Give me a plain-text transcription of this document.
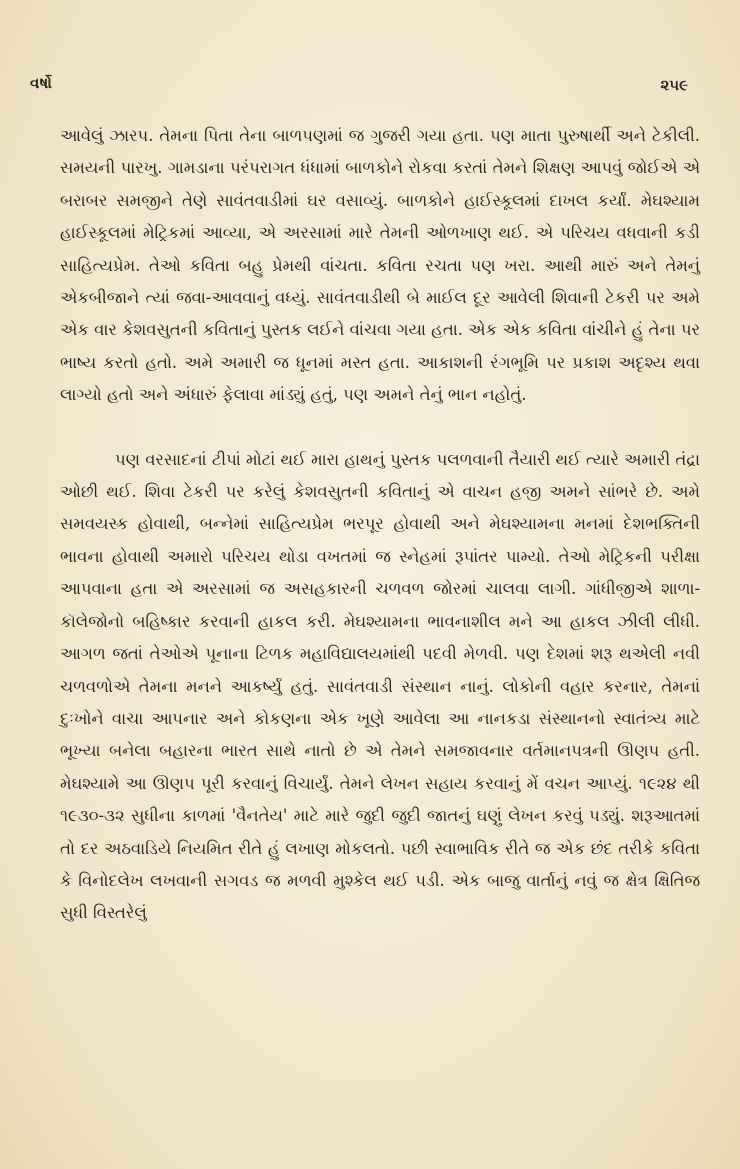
વર્ષો	૨૫૯

આવેલું ઝારપ. તેમના પિતા તેના બાળપણમાં જ ગુજરી ગયા હતા. પણ માતા પુરુષાર્થી અને ટેકીલી. સમયની પારખુ. ગામડાના પરંપરાગત ધંધામાં બાળકોને રોકવા કરતાં તેમને શિક્ષણ આપવું જોઈએ એ બરાબર સમજીને તેણે સાવંતવાડીમાં ઘર વસાવ્યું. બાળકોને હાઈસ્કૂલમાં દાખલ કર્યાં. મેઘશ્યામ હાઈસ્કૂલમાં મેટ્રિકમાં આવ્યા, એ અરસામાં મારે તેમની ઓળખાણ થઈ. એ પરિચય વધવાની કડી સાહિત્યપ્રેમ. તેઓ કવિતા બહુ પ્રેમથી વાંચતા. કવિતા રચતા પણ ખરા. આથી મારું અને તેમનું એકબીજાને ત્યાં જવા-આવવાનું વધ્યું. સાવંતવાડીથી બે માઈલ દૂર આવેલી શિવાની ટેકરી પર અમે એક વાર કેશવસુતની કવિતાનું પુસ્તક લઈને વાંચવા ગયા હતા. એક એક કવિતા વાંચીને હું તેના પર ભાષ્ય કરતો હતો. અમે અમારી જ ધૂનમાં મસ્ત હતા. આકાશની રંગભૂમિ પર પ્રકાશ અદૃશ્ય થવા લાગ્યો હતો અને અંધારું ફેલાવા માંડ્યું હતું, પણ અમને તેનું ભાન નહોતું.

પણ વરસાદનાં ટીપાં મોટાં થઈ મારા હાથનું પુસ્તક પલળવાની તૈયારી થઈ ત્યારે અમારી તંદ્રા ઓછી થઈ. શિવા ટેકરી પર કરેલું કેશવસુતની કવિતાનું એ વાચન હજી અમને સાંભરે છે. અમે સમવયસ્ક હોવાથી, બન્નેમાં સાહિત્યપ્રેમ ભરપૂર હોવાથી અને મેઘશ્યામના મનમાં દેશભક્તિની ભાવના હોવાથી અમારો પરિચય થોડા વખતમાં જ સ્નેહમાં રૂપાંતર પામ્યો. તેઓ મેટ્રિકની પરીક્ષા આપવાના હતા એ અરસામાં જ અસહકારની ચળવળ જોરમાં ચાલવા લાગી. ગાંધીજીએ શાળા-કૉલેજોનો બહિષ્કાર કરવાની હાકલ કરી. મેઘશ્યામના ભાવનાશીલ મને આ હાકલ ઝીલી લીધી. આગળ જતાં તેઓએ પૂનાના ટિળક મહાવિદ્યાલયમાંથી પદવી મેળવી. પણ દેશમાં શરૂ થએલી નવી ચળવળોએ તેમના મનને આકર્ષ્યું હતું. સાવંતવાડી સંસ્થાન નાનું. લોકોની વહાર કરનાર, તેમનાં દુઃખોને વાચા આપનાર અને કોકણના એક ખૂણે આવેલા આ નાનકડા સંસ્થાનનો સ્વાતંત્ર્ય માટે ભૂખ્યા બનેલા બહારના ભારત સાથે નાતો છે એ તેમને સમજાવનાર વર્તમાનપત્રની ઊણપ હતી. મેઘશ્યામે આ ઊણપ પૂરી કરવાનું વિચાર્યું. તેમને લેખન સહાય કરવાનું મેં વચન આપ્યું. ૧૯૨૪ થી ૧૯૩૦-૩૨ સુધીના કાળમાં 'વૈનતેય' માટે મારે જુદી જુદી જાતનું ઘણું લેખન કરવું પડ્યું. શરૂઆતમાં તો દર અઠવાડિયે નિયમિત રીતે હું લખાણ મોકલતો. પછી સ્વાભાવિક રીતે જ એક છંદ તરીકે કવિતા કે વિનોદલેખ લખવાની સગવડ જ મળવી મુશ્કેલ થઈ પડી. એક બાજુ વાર્તાનું નવું જ ક્ષેત્ર ક્ષિતિજ સુધી વિસ્તરેલું
